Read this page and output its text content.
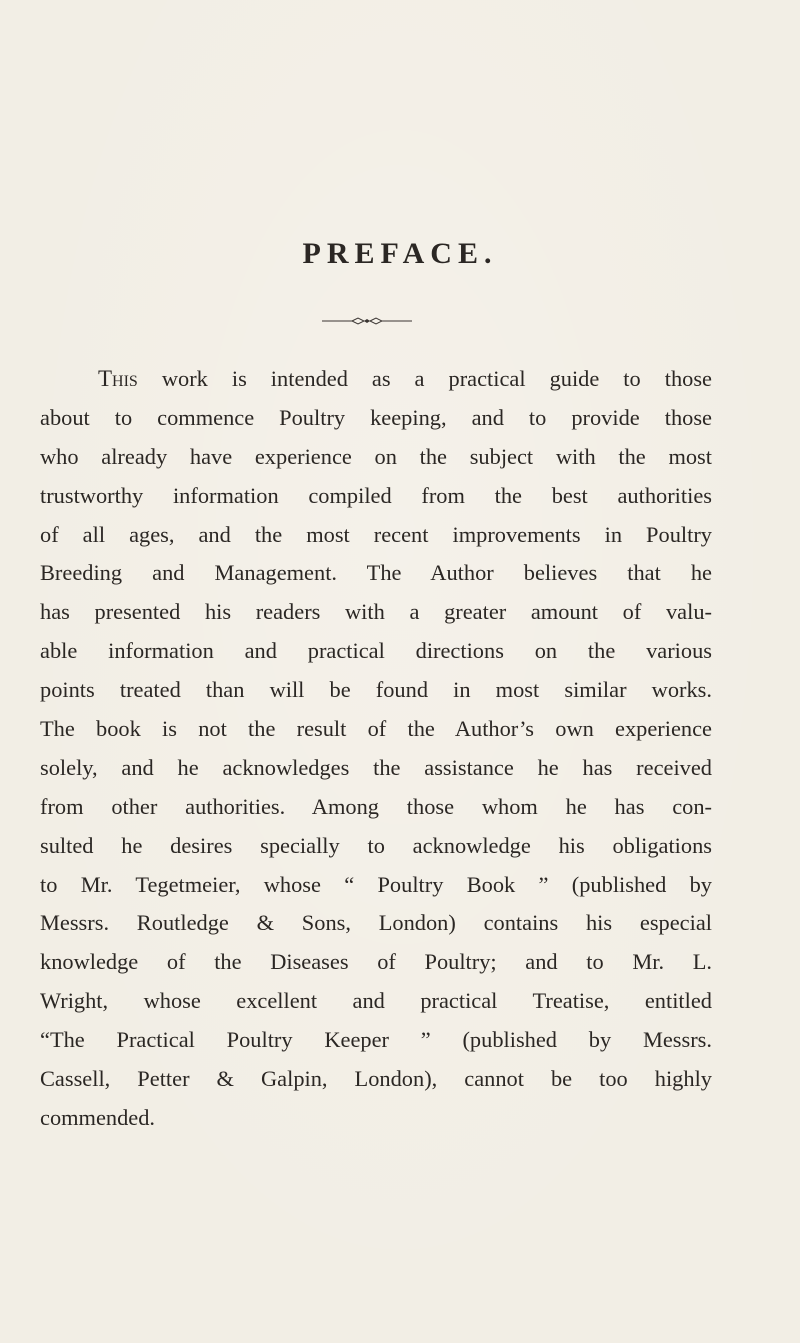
PREFACE.
This work is intended as a practical guide to those
about to commence Poultry keeping, and to provide those
who already have experience on the subject with the most
trustworthy information compiled from the best authorities
of all ages, and the most recent improvements in Poultry
Breeding and Management. The Author believes that he
has presented his readers with a greater amount of valu-
able information and practical directions on the various
points treated than will be found in most similar works.
The book is not the result of the Author’s own experience
solely, and he acknowledges the assistance he has received
from other authorities. Among those whom he has con-
sulted he desires specially to acknowledge his obligations
to Mr. Tegetmeier, whose “ Poultry Book ” (published by
Messrs. Routledge & Sons, London) contains his especial
knowledge of the Diseases of Poultry; and to Mr. L.
Wright, whose excellent and practical Treatise, entitled
“The Practical Poultry Keeper ” (published by Messrs.
Cassell, Petter & Galpin, London), cannot be too highly
commended.
